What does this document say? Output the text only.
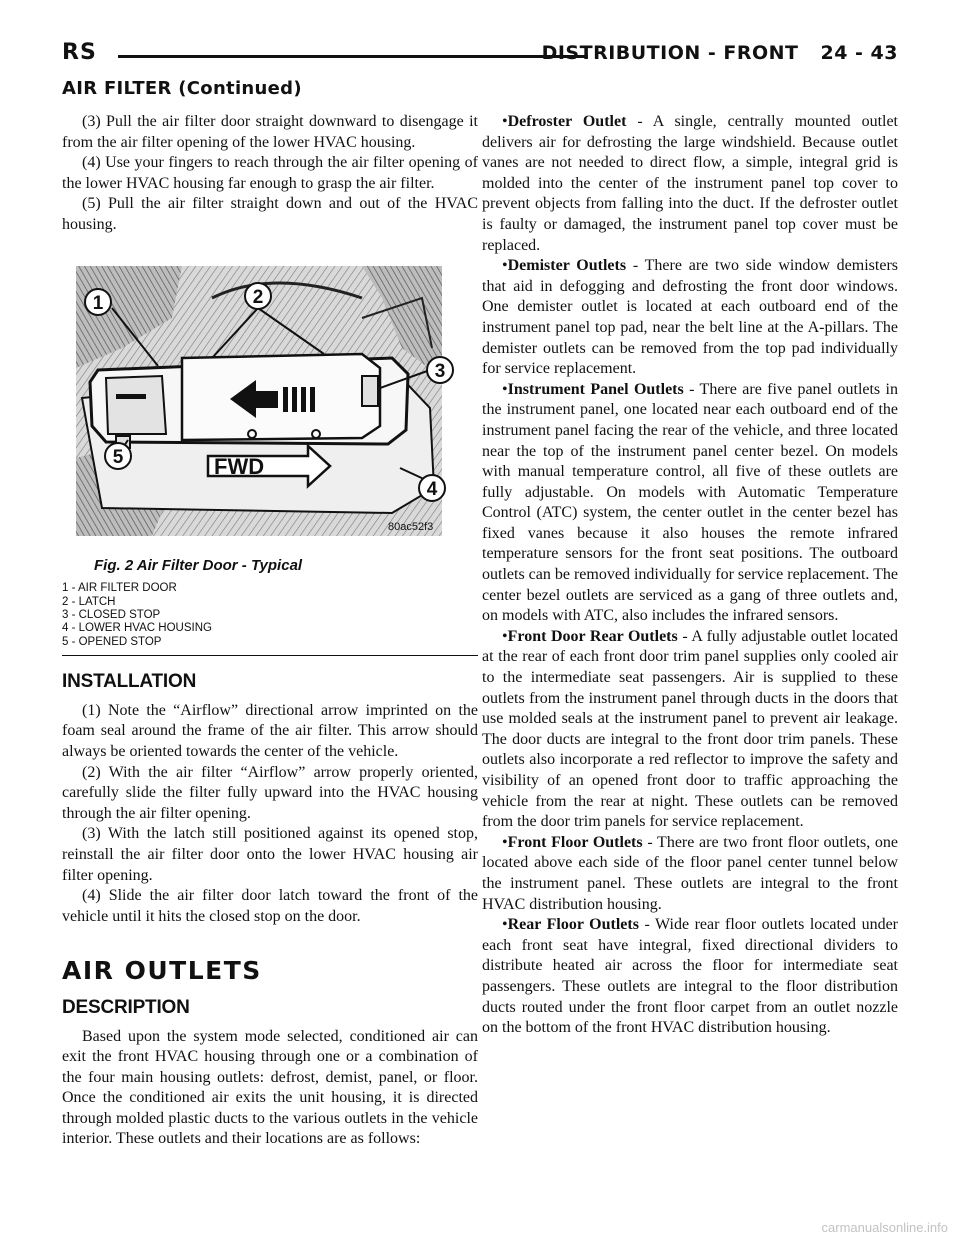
RS	DISTRIBUTION - FRONT 24 - 43
AIR FILTER (Continued)

(3) Pull the air filter door straight downward to disengage it from the air filter opening of the lower HVAC housing.

(4) Use your fingers to reach through the air filter opening of the lower HVAC housing far enough to grasp the air filter.

(5) Pull the air filter straight down and out of the HVAC housing.

FWD
1	2
3
4
5
80ac52f3
Fig. 2 Air Filter Door - Typical
1 - AIR FILTER DOOR
2 - LATCH
3 - CLOSED STOP
4 - LOWER HVAC HOUSING
5 - OPENED STOP
INSTALLATION

(1) Note the “Airflow” directional arrow imprinted on the foam seal around the frame of the air filter. This arrow should always be oriented towards the center of the vehicle.

(2) With the air filter “Airflow” arrow properly oriented, carefully slide the filter fully upward into the HVAC housing through the air filter opening.

(3) With the latch still positioned against its opened stop, reinstall the air filter door onto the lower HVAC housing air filter opening.

(4) Slide the air filter door latch toward the front of the vehicle until it hits the closed stop on the door.

AIR OUTLETS
DESCRIPTION

Based upon the system mode selected, conditioned air can exit the front HVAC housing through one or a combination of the four main housing outlets: defrost, demist, panel, or floor. Once the conditioned air exits the unit housing, it is directed through molded plastic ducts to the various outlets in the vehicle interior. These outlets and their locations are as follows:

•Defroster Outlet - A single, centrally mounted outlet delivers air for defrosting the large windshield. Because outlet vanes are not needed to direct flow, a simple, integral grid is molded into the center of the instrument panel top cover to prevent objects from falling into the duct. If the defroster outlet is faulty or damaged, the instrument panel top cover must be replaced.

•Demister Outlets - There are two side window demisters that aid in defogging and defrosting the front door windows. One demister outlet is located at each outboard end of the instrument panel top pad, near the belt line at the A-pillars. The demister outlets can be removed from the top pad individually for service replacement.

•Instrument Panel Outlets - There are five panel outlets in the instrument panel, one located near each outboard end of the instrument panel facing the rear of the vehicle, and three located near the top of the instrument panel center bezel. On models with manual temperature control, all five of these outlets are fully adjustable. On models with Automatic Temperature Control (ATC) system, the center outlet in the center bezel has fixed vanes because it also houses the remote infrared temperature sensors for the front seat positions. The outboard outlets can be removed individually for service replacement. The center bezel outlets are serviced as a gang of three outlets and, on models with ATC, also includes the infrared sensors.

•Front Door Rear Outlets - A fully adjustable outlet located at the rear of each front door trim panel supplies only cooled air to the intermediate seat passengers. Air is supplied to these outlets from the instrument panel through ducts in the doors that use molded seals at the instrument panel to prevent air leakage. The door ducts are integral to the front door trim panels. These outlets also incorporate a red reflector to improve the safety and visibility of an opened front door to traffic approaching the vehicle from the rear at night. These outlets can be removed from the door trim panels for service replacement.

•Front Floor Outlets - There are two front floor outlets, one located above each side of the floor panel center tunnel below the instrument panel. These outlets are integral to the front HVAC distribution housing.

•Rear Floor Outlets - Wide rear floor outlets located under each front seat have integral, fixed directional dividers to distribute heated air across the floor for intermediate seat passengers. These outlets are integral to the floor distribution ducts routed under the front floor carpet from an outlet nozzle on the bottom of the front HVAC distribution housing.

carmanualsonline.info
